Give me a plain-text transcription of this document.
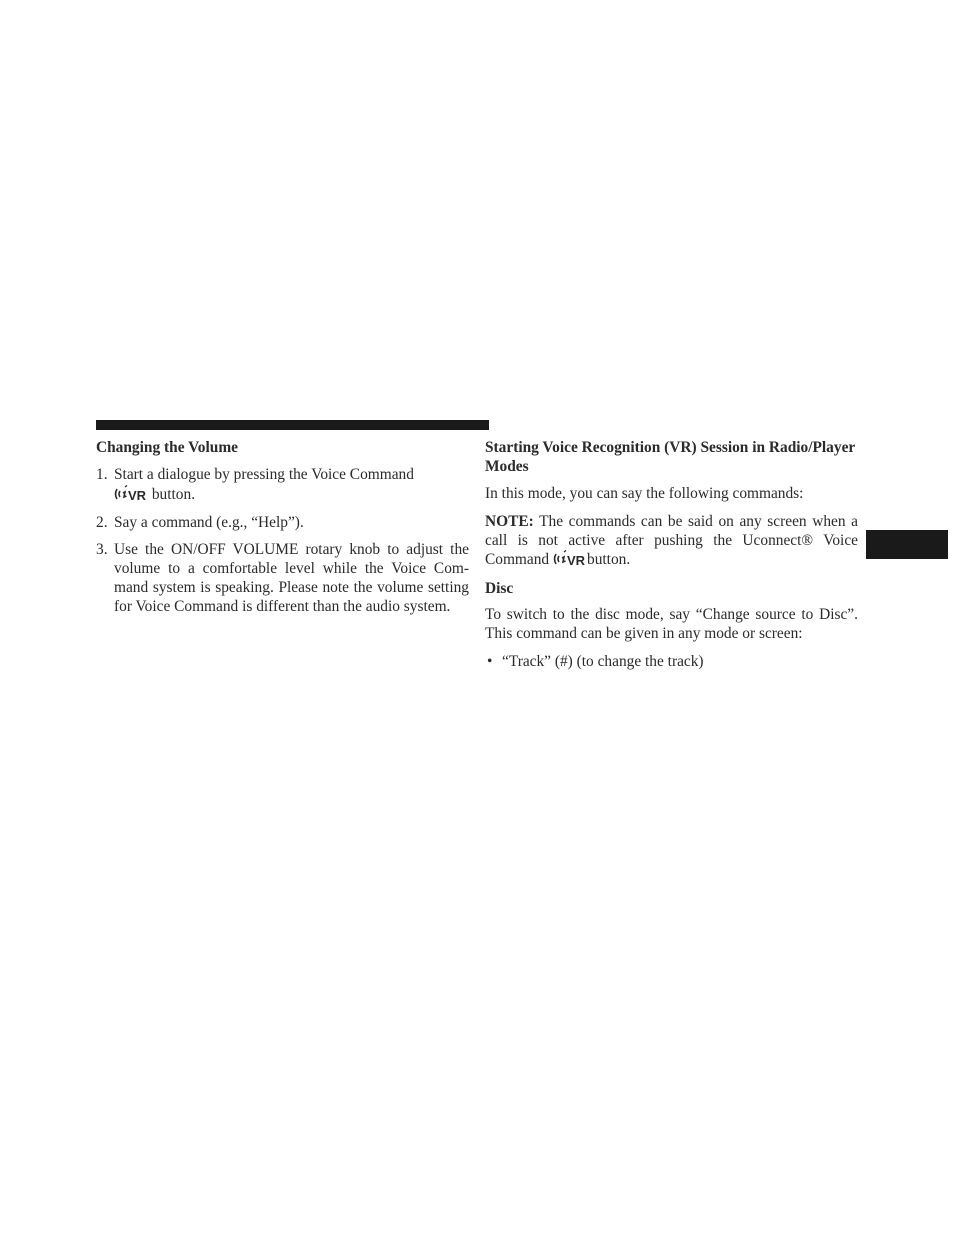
Changing the Volume
1. Start a dialogue by pressing the Voice Command

VR button.
2. Say a command (e.g., “Help”).
3. Use the ON/OFF VOLUME rotary knob to adjust the volume to a comfortable level while the Voice Com-mand system is speaking. Please note the volume setting for Voice Command is different than the audio system.
Starting Voice Recognition (VR) Session in Radio/Player Modes

In this mode, you can say the following commands:

NOTE: The commands can be said on any screen when a call is not active after pushing the Uconnect® Voice Command VR button.

Disc

To switch to the disc mode, say “Change source to Disc”. This command can be given in any mode or screen:

• “Track” (#) (to change the track)
